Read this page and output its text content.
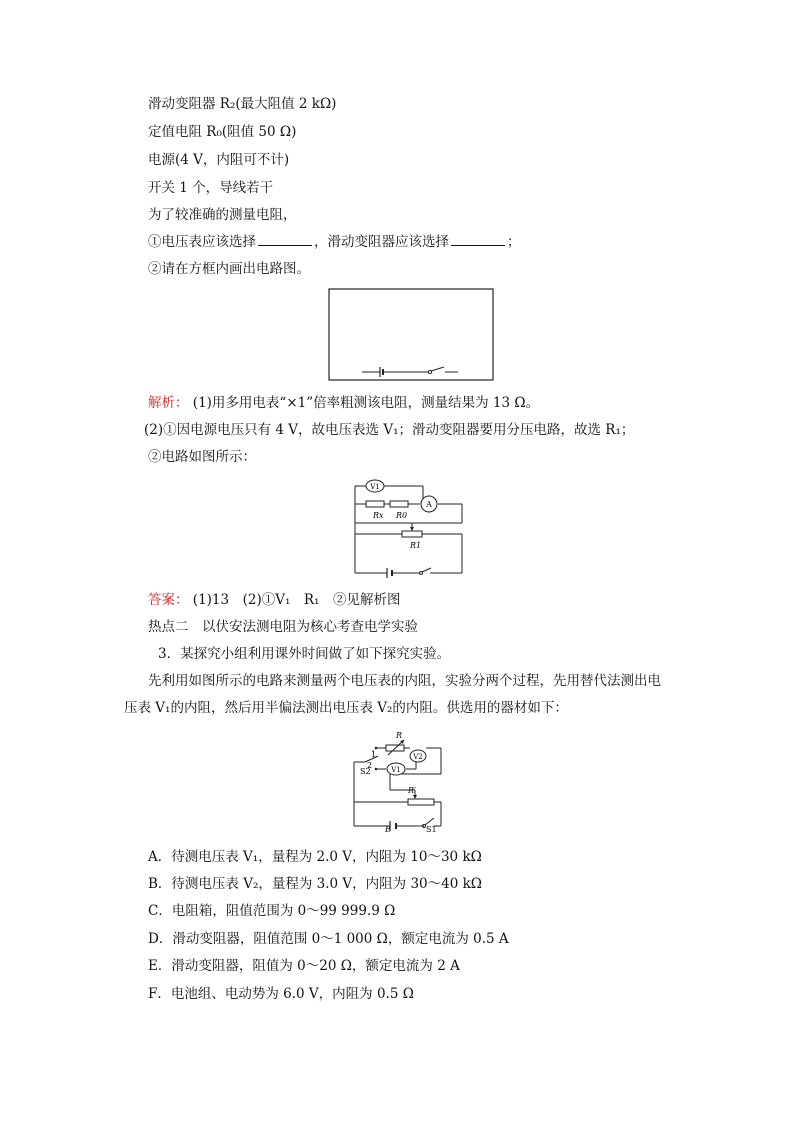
滑动变阻器 R₂(最大阻值 2 kΩ)
定值电阻 R₀(阻值 50 Ω)
电源(4 V，内阻可不计)
开关 1 个，导线若干
为了较准确的测量电阻，
①电压表应该选择	，滑动变阻器应该选择	；
②请在方框内画出电路图。
解析： (1)用多用电表“×1”倍率粗测该电阻，测量结果为 13 Ω。
(2)①因电源电压只有 4 V，故电压表选 V₁；滑动变阻器要用分压电路，故选 R₁；
②电路如图所示：
V1
A
Rx R0
R1
答案： (1)13　(2)①V₁　R₁　②见解析图
热点二　以伏安法测电阻为核心考查电学实验
3．某探究小组利用课外时间做了如下探究实验。
先利用如图所示的电路来测量两个电压表的内阻，实验分两个过程，先用替代法测出电
压表 V₁的内阻，然后用半偏法测出电压表 V₂的内阻。供选用的器材如下：
R
V2
V1
1
2
S2
R′
E	S1
A．待测电压表 V₁，量程为 2.0 V，内阻为 10～30 kΩ
B．待测电压表 V₂，量程为 3.0 V，内阻为 30～40 kΩ
C．电阻箱，阻值范围为 0～99 999.9 Ω
D．滑动变阻器，阻值范围 0～1 000 Ω，额定电流为 0.5 A
E．滑动变阻器，阻值为 0～20 Ω，额定电流为 2 A
F．电池组、电动势为 6.0 V，内阻为 0.5 Ω
